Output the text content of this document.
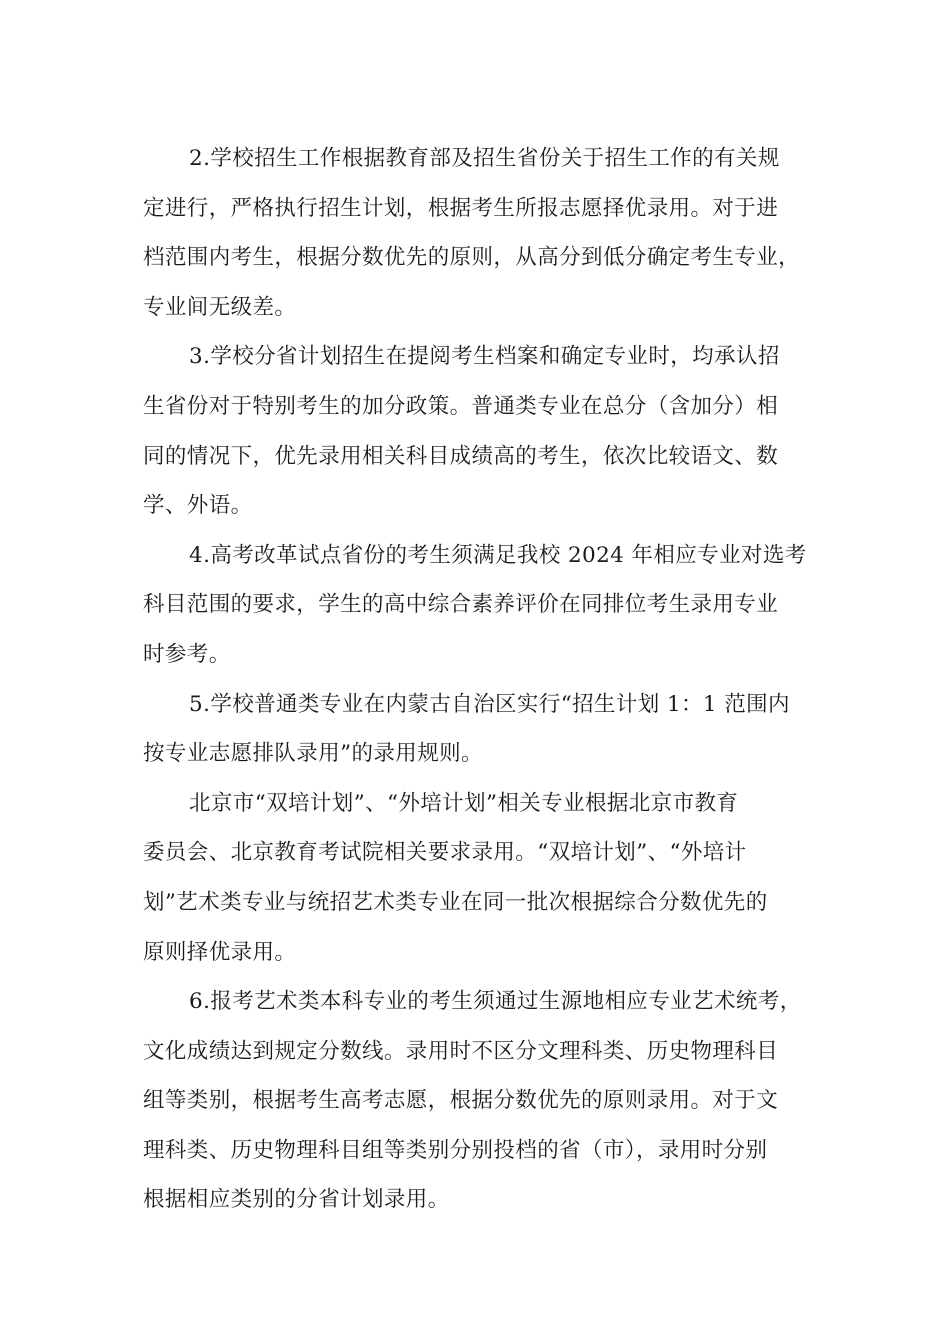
2.学校招生工作根据教育部及招生省份关于招生工作的有关规
定进行，严格执行招生计划，根据考生所报志愿择优录用。对于进
档范围内考生，根据分数优先的原则，从高分到低分确定考生专业，
专业间无级差。

3.学校分省计划招生在提阅考生档案和确定专业时，均承认招
生省份对于特别考生的加分政策。普通类专业在总分（含加分）相
同的情况下，优先录用相关科目成绩高的考生，依次比较语文、数
学、外语。

4.高考改革试点省份的考生须满足我校 2024 年相应专业对选考
科目范围的要求，学生的高中综合素养评价在同排位考生录用专业
时参考。

5.学校普通类专业在内蒙古自治区实行“招生计划 1：1 范围内
按专业志愿排队录用”的录用规则。

北京市“双培计划”、“外培计划”相关专业根据北京市教育
委员会、北京教育考试院相关要求录用。“双培计划”、“外培计
划”艺术类专业与统招艺术类专业在同一批次根据综合分数优先的
原则择优录用。

6.报考艺术类本科专业的考生须通过生源地相应专业艺术统考，
文化成绩达到规定分数线。录用时不区分文理科类、历史物理科目
组等类别，根据考生高考志愿，根据分数优先的原则录用。对于文
理科类、历史物理科目组等类别分别投档的省（市），录用时分别
根据相应类别的分省计划录用。
